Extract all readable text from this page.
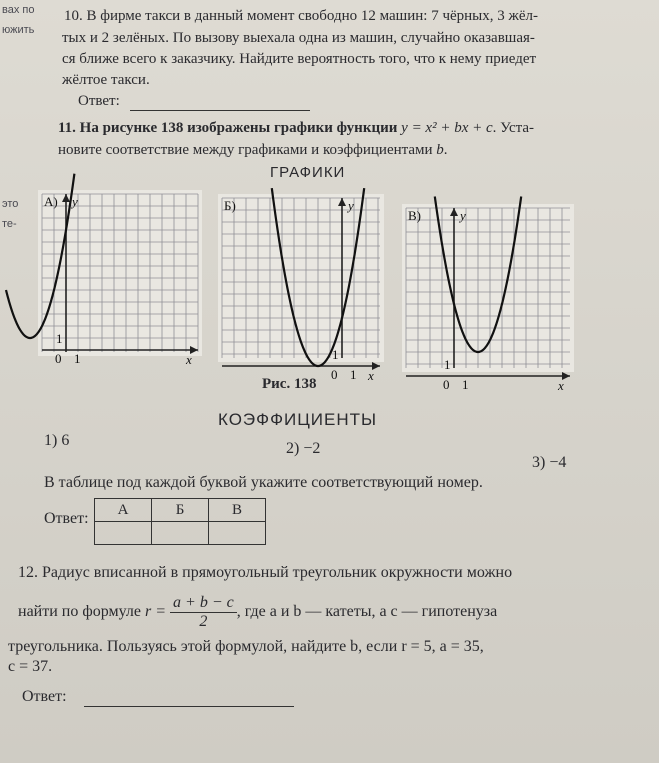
вах по
южить
это
те-
10. В фирме такси в данный момент свободно 12 машин: 7 чёрных, 3 жёл-
тых и 2 зелёных. По вызову выехала одна из машин, случайно оказавшая-
ся ближе всего к заказчику. Найдите вероятность того, что к нему приедет
жёлтое такси.
Ответ:
11. На рисунке 138 изображены графики функции y = x² + bx + c. Уста-
новите соответствие между графиками и коэффициентами b.
ГРАФИКИ
А) y
x
0 1
1
Б)	y
x
0 1
1
В)	y
x
0 1
1
Рис. 138
КОЭФФИЦИЕНТЫ
1) 6	2) −2
3) −4
В таблице под каждой буквой укажите соответствующий номер.
Ответ:
А	Б	В

12. Радиус вписанной в прямоугольный треугольник окружности можно
найти по формуле $r = \frac{a + b - c}{2}$ , где a и b — катеты, а c — гипотенуза
треугольника. Пользуясь этой формулой, найдите b, если r = 5, a = 35,
c = 37.
Ответ:
